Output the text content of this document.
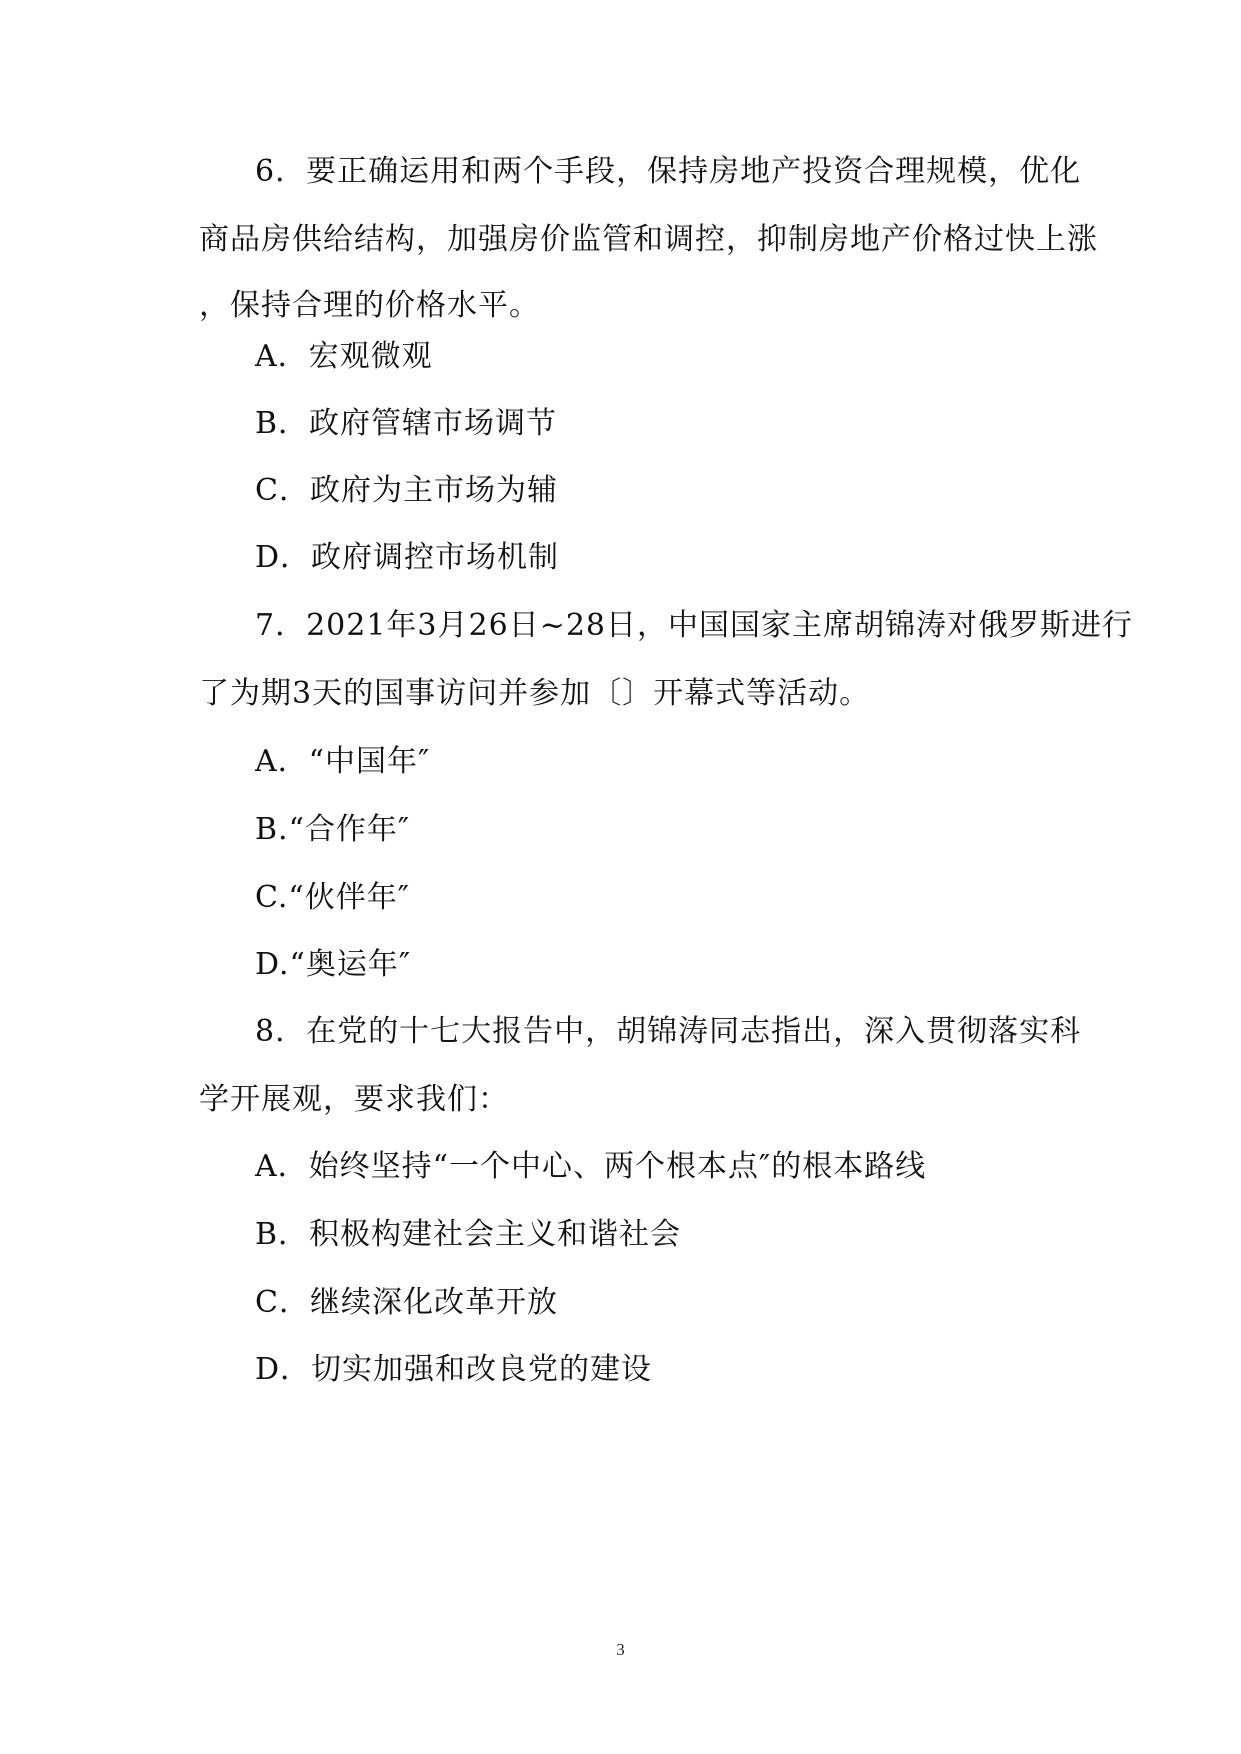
6．要正确运用和两个手段，保持房地产投资合理规模，优化
商品房供给结构，加强房价监管和调控，抑制房地产价格过快上涨
，保持合理的价格水平。
A．宏观微观
B．政府管辖市场调节
C．政府为主市场为辅
D．政府调控市场机制
7．2021年3月26日~28日，中国国家主席胡锦涛对俄罗斯进行
了为期3天的国事访问并参加〔〕开幕式等活动。
A．“中国年″
B.“合作年″
C.“伙伴年″
D.“奥运年″
8．在党的十七大报告中，胡锦涛同志指出，深入贯彻落实科
学开展观，要求我们：
A．始终坚持“一个中心、两个根本点″的根本路线
B．积极构建社会主义和谐社会
C．继续深化改革开放
D．切实加强和改良党的建设
3
